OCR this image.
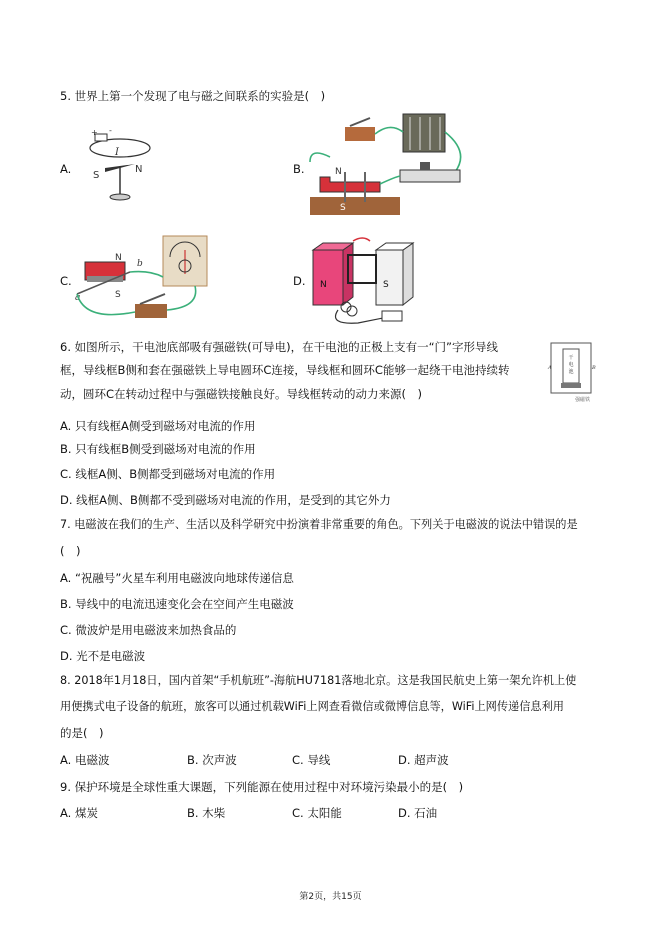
5. 世界上第一个发现了电与磁之间联系的实验是(　)
A.
+ -
I
S
N	B.	N
S
C.
N
S
a
b
D. N	S
6. 如图所示，干电池底部吸有强磁铁(可导电)，在干电池的正极上支有一“门”字形导线
框，导线框B侧和套在强磁铁上导电圆环C连接，导线框和圆环C能够一起绕干电池持续转
动，圆环C在转动过程中与强磁铁接触良好。导线框转动的动力来源(　)
干
电
池
A	B
强磁铁
A. 只有线框A侧受到磁场对电流的作用
B. 只有线框B侧受到磁场对电流的作用
C. 线框A侧、B侧都受到磁场对电流的作用
D. 线框A侧、B侧都不受到磁场对电流的作用，是受到的其它外力
7. 电磁波在我们的生产、生活以及科学研究中扮演着非常重要的角色。下列关于电磁波的说法中错误的是
(　)
A. “祝融号”火星车利用电磁波向地球传递信息
B. 导线中的电流迅速变化会在空间产生电磁波
C. 微波炉是用电磁波来加热食品的
D. 光不是电磁波
8. 2018年1月18日，国内首架“手机航班”-海航HU7181落地北京。这是我国民航史上第一架允许机上使
用便携式电子设备的航班，旅客可以通过机载WiFi上网查看微信或微博信息等，WiFi上网传递信息利用
的是(　)
A. 电磁波	B. 次声波	C. 导线	D. 超声波
9. 保护环境是全球性重大课题，下列能源在使用过程中对环境污染最小的是(　)
A. 煤炭	B. 木柴	C. 太阳能	D. 石油
第2页，共15页
